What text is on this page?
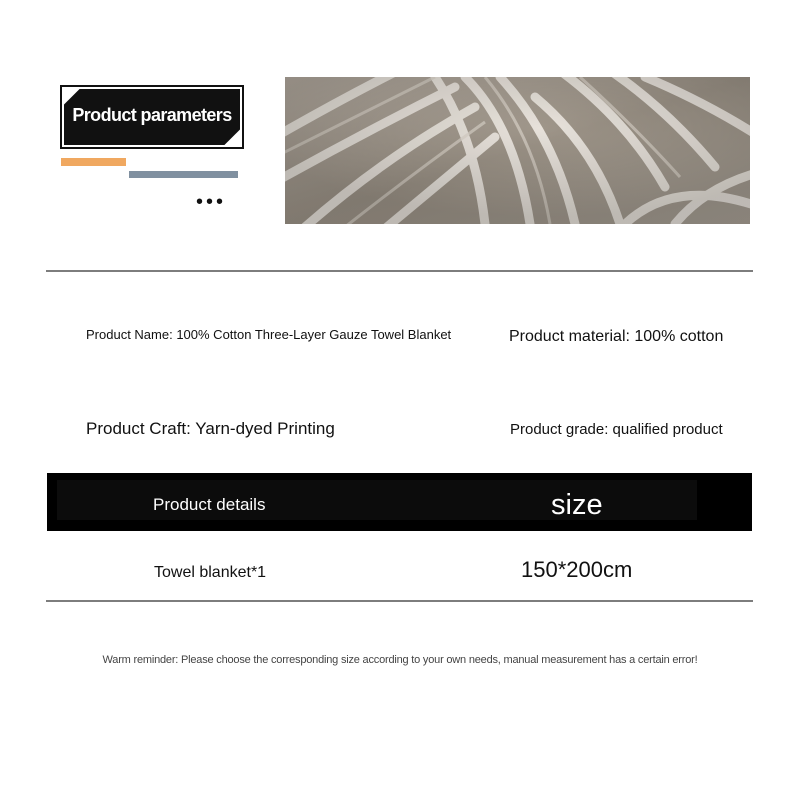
Product parameters
•••
Product Name: 100% Cotton Three-Layer Gauze Towel Blanket	Product material: 100% cotton
Product Craft: Yarn-dyed Printing	Product grade: qualified product
Product details	size
Towel blanket*1	150*200cm
Warm reminder: Please choose the corresponding size according to your own needs, manual measurement has a certain error!
